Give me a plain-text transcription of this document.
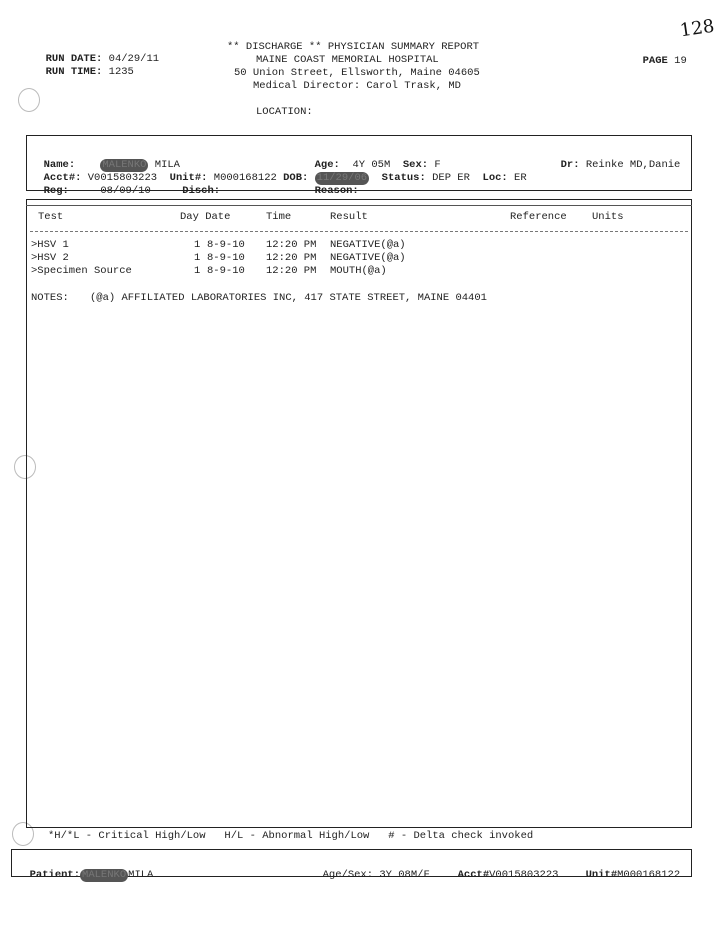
RUN DATE: 04/29/11

RUN TIME: 1235

** DISCHARGE ** PHYSICIAN SUMMARY REPORT
MAINE COAST MEMORIAL HOSPITAL
50 Union Street, Ellsworth, Maine 04605
Medical Director: Carol Trask, MD
LOCATION:

PAGE 19

128

Name:	MALENKO MILA	Age: 4Y 05M Sex: F	Dr: Reinke MD,Danie

Acct#: V0015803223 Unit#: M000168122 DOB: 11/29/06 Status: DEP ER Loc: ER

Reg:	08/09/10	Disch:	Reason:

Test	Day Date	Time	Result	Reference Units
>HSV 1	1 8-9-10 12:20 PM NEGATIVE(@a)
>HSV 2	1 8-9-10 12:20 PM NEGATIVE(@a)
>Specimen Source	1 8-9-10 12:20 PM MOUTH(@a)
NOTES: (@a) AFFILIATED LABORATORIES INC, 417 STATE STREET, MAINE 04401
*H/*L - Critical High/Low   H/L - Abnormal High/Low   # - Delta check invoked

Patient: MALENKO MILA	Age/Sex: 3Y 08M/F	Acct#V0015803223	Unit#M000168122
